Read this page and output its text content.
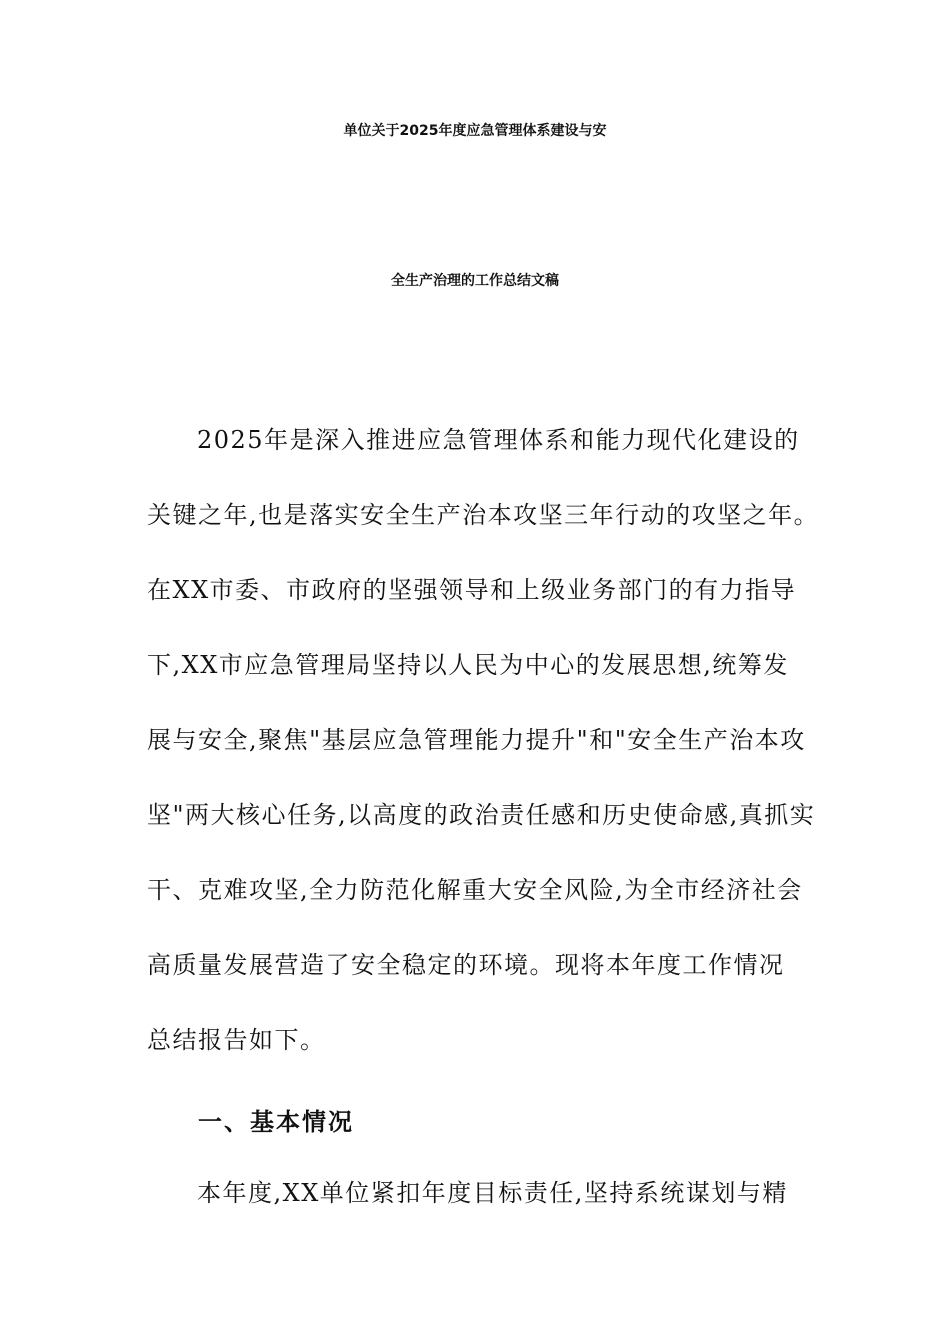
单位关于2025年度应急管理体系建设与安
全生产治理的工作总结文稿
2025年是深入推进应急管理体系和能力现代化建设的
关键之年,也是落实安全生产治本攻坚三年行动的攻坚之年。
在XX市委、市政府的坚强领导和上级业务部门的有力指导
下,XX市应急管理局坚持以人民为中心的发展思想,统筹发
展与安全,聚焦"基层应急管理能力提升"和"安全生产治本攻
坚"两大核心任务,以高度的政治责任感和历史使命感,真抓实
干、克难攻坚,全力防范化解重大安全风险,为全市经济社会
高质量发展营造了安全稳定的环境。现将本年度工作情况
总结报告如下。
一、基本情况
本年度,XX单位紧扣年度目标责任,坚持系统谋划与精
